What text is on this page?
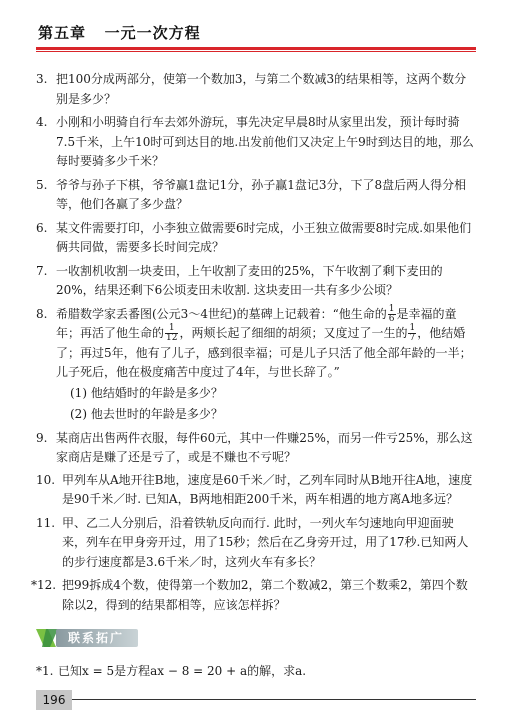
第五章   一元一次方程
3. 把100分成两部分，使第一个数加3，与第二个数减3的结果相等，这两个数分别是多少？
4. 小刚和小明骑自行车去郊外游玩，事先决定早晨8时从家里出发，预计每时骑7.5千米，上午10时可到达目的地.出发前他们又决定上午9时到达目的地，那么每时要骑多少千米？
5. 爷爷与孙子下棋，爷爷赢1盘记1分，孙子赢1盘记3分，下了8盘后两人得分相等，他们各赢了多少盘？
6. 某文件需要打印，小李独立做需要6时完成，小王独立做需要8时完成.如果他们俩共同做，需要多长时间完成？
7. 一收割机收割一块麦田，上午收割了麦田的25%，下午收割了剩下麦田的20%，结果还剩下6公顷麦田未收割. 这块麦田一共有多少公顷？
8. 希腊数学家丢番图(公元3～4世纪)的墓碑上记载着：“他生命的 $\frac{1}{6}$ 是幸福的童年；再活了他生命的 $\frac{1}{12}$ ，两颊长起了细细的胡须；又度过了一生的 $\frac{1}{7}$ ，他结婚了；再过5年，他有了儿子，感到很幸福；可是儿子只活了他全部年龄的一半；儿子死后，他在极度痛苦中度过了4年，与世长辞了。”
(1) 他结婚时的年龄是多少？
(2) 他去世时的年龄是多少？
9. 某商店出售两件衣服，每件60元，其中一件赚25%，而另一件亏25%，那么这家商店是赚了还是亏了，或是不赚也不亏呢？
10. 甲列车从A地开往B地，速度是60千米／时，乙列车同时从B地开往A地，速度是90千米／时. 已知A，B两地相距200千米，两车相遇的地方离A地多远？
11. 甲、乙二人分别后，沿着铁轨反向而行. 此时，一列火车匀速地向甲迎面驶来，列车在甲身旁开过，用了15秒；然后在乙身旁开过，用了17秒.已知两人的步行速度都是3.6千米／时，这列火车有多长？
*12. 把99拆成4个数，使得第一个数加2，第二个数减2，第三个数乘2，第四个数除以2，得到的结果都相等，应该怎样拆？
联系拓广
*1. 已知x = 5是方程ax − 8 = 20 + a的解，求a.
196
